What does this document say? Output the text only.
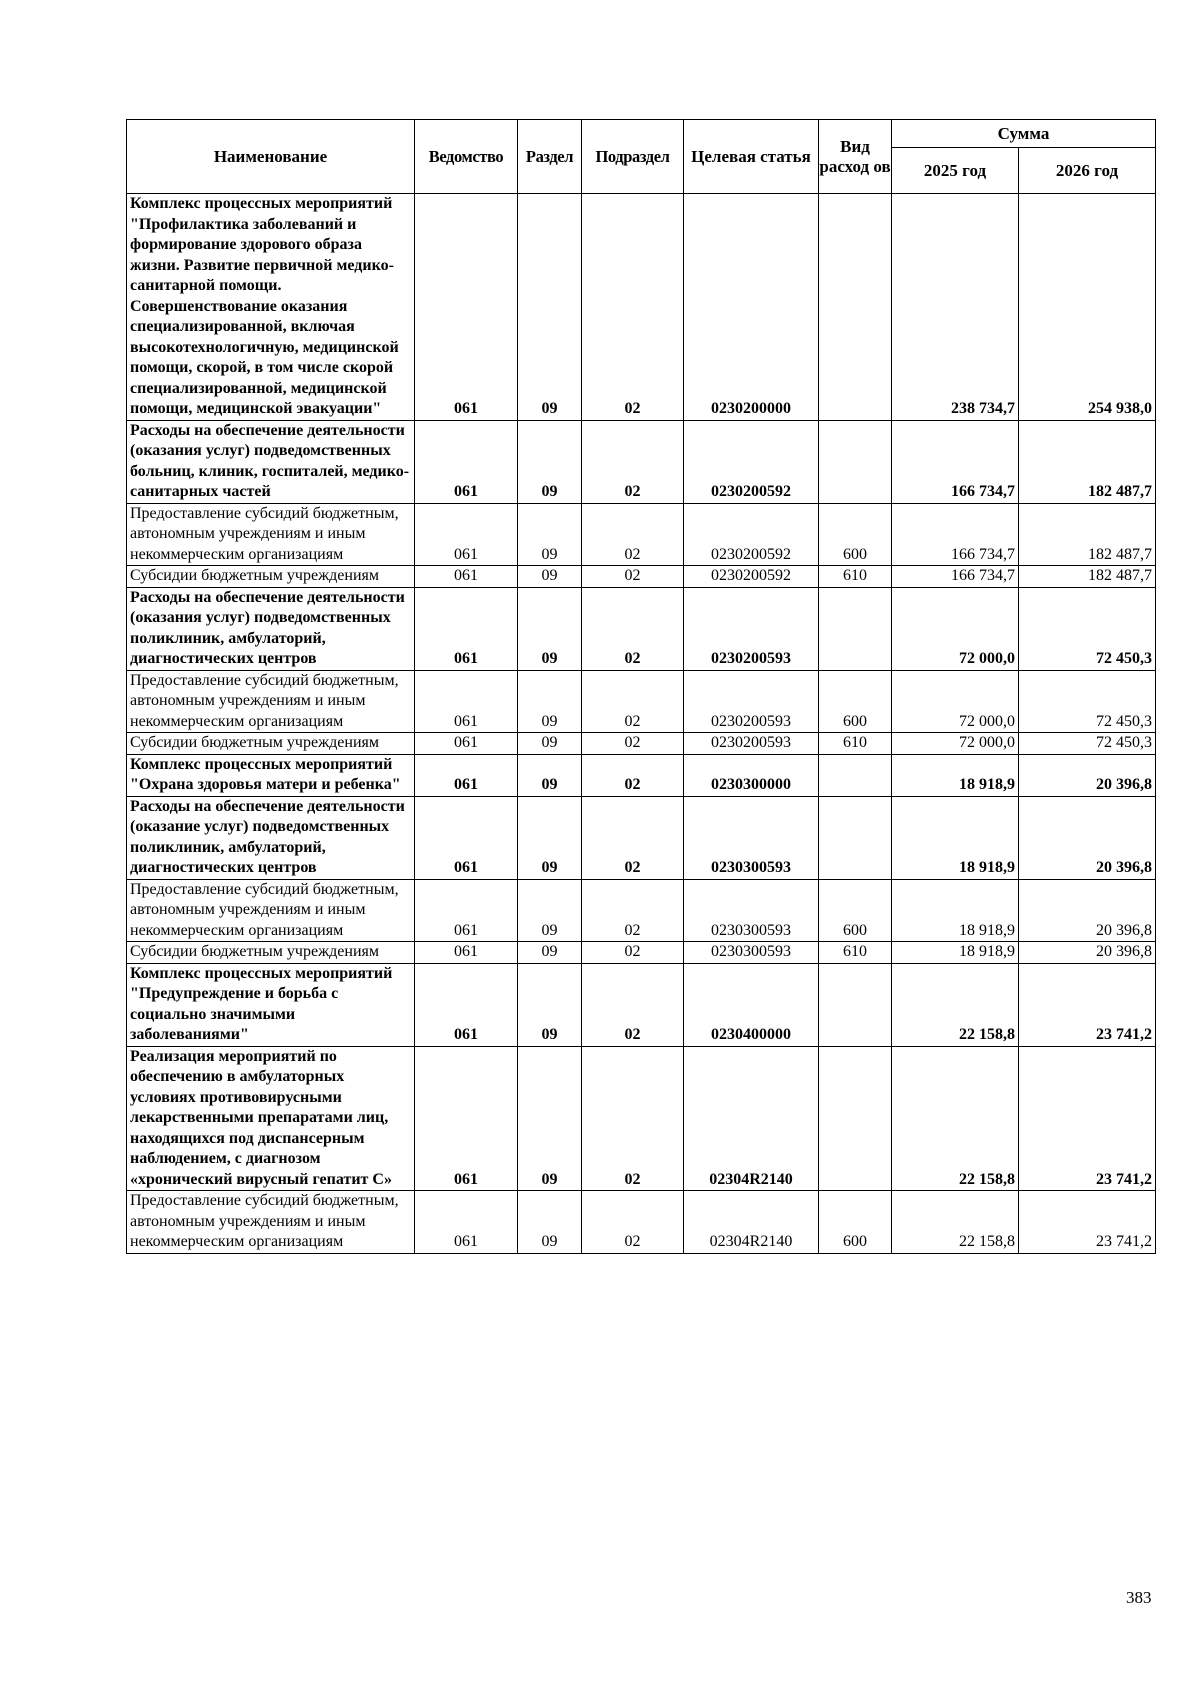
Наименование	Ведомство	Раздел	Подраздел	Целевая статья	Вид расход ов	Сумма	
						2025 год	2026 год
Комплекс процессных мероприятий "Профилактика заболеваний и формирование здорового образа жизни. Развитие первичной медико-санитарной помощи. Совершенствование оказания специализированной, включая высокотехнологичную, медицинской помощи, скорой, в том числе скорой специализированной, медицинской помощи, медицинской эвакуации"	061	09	02	0230200000		238 734,7	254 938,0
Расходы на обеспечение деятельности (оказания услуг) подведомственных больниц, клиник, госпиталей, медико-санитарных частей	061	09	02	0230200592		166 734,7	182 487,7
Предоставление субсидий бюджетным, автономным учреждениям и иным некоммерческим организациям	061	09	02	0230200592	600	166 734,7	182 487,7
Субсидии бюджетным учреждениям	061	09	02	0230200592	610	166 734,7	182 487,7
Расходы на обеспечение деятельности (оказания услуг) подведомственных поликлиник, амбулаторий, диагностических центров	061	09	02	0230200593		72 000,0	72 450,3
Предоставление субсидий бюджетным, автономным учреждениям и иным некоммерческим организациям	061	09	02	0230200593	600	72 000,0	72 450,3
Субсидии бюджетным учреждениям	061	09	02	0230200593	610	72 000,0	72 450,3
Комплекс процессных мероприятий "Охрана здоровья матери и ребенка"	061	09	02	0230300000		18 918,9	20 396,8
Расходы на обеспечение деятельности (оказание услуг) подведомственных поликлиник, амбулаторий, диагностических центров	061	09	02	0230300593		18 918,9	20 396,8
Предоставление субсидий бюджетным, автономным учреждениям и иным некоммерческим организациям	061	09	02	0230300593	600	18 918,9	20 396,8
Субсидии бюджетным учреждениям	061	09	02	0230300593	610	18 918,9	20 396,8
Комплекс процессных мероприятий "Предупреждение и борьба с социально значимыми заболеваниями"	061	09	02	0230400000		22 158,8	23 741,2
Реализация мероприятий по обеспечению в амбулаторных условиях противовирусными лекарственными препаратами лиц, находящихся под диспансерным наблюдением, с диагнозом «хронический вирусный гепатит С»	061	09	02	02304R2140		22 158,8	23 741,2
Предоставление субсидий бюджетным, автономным учреждениям и иным некоммерческим организациям	061	09	02	02304R2140	600	22 158,8	23 741,2
383
